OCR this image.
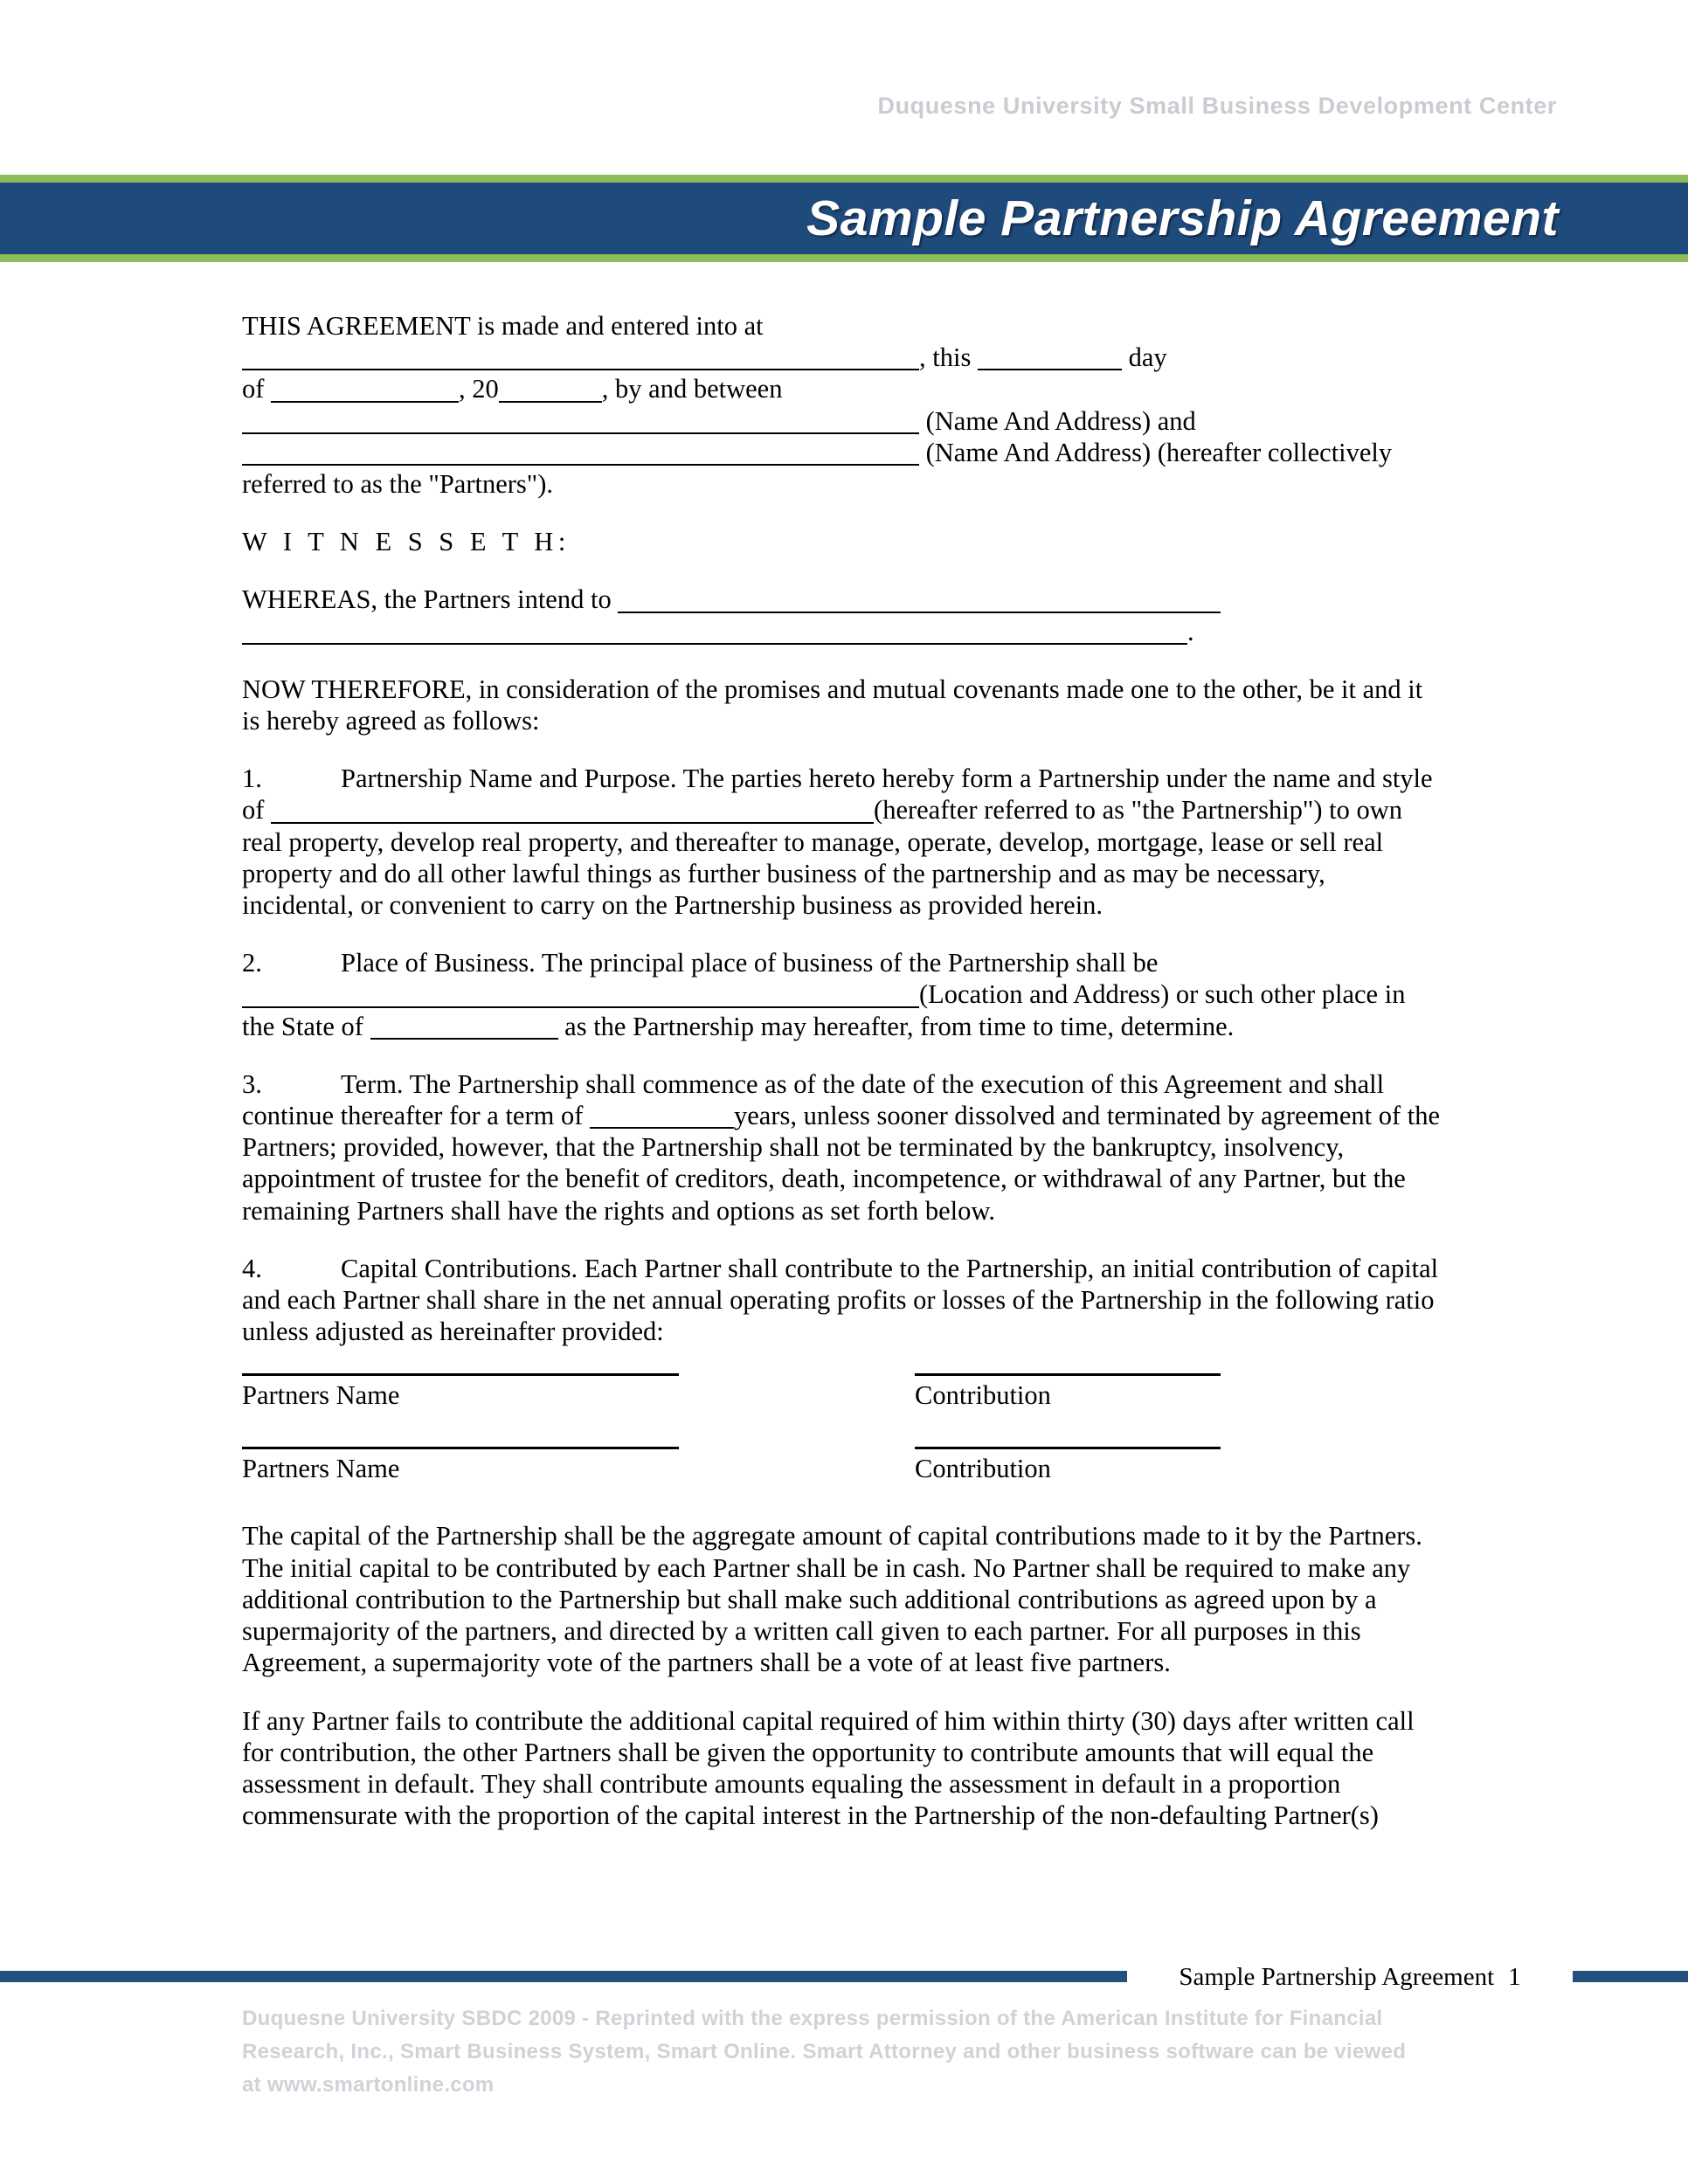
Duquesne University Small Business Development Center
Sample Partnership Agreement

THIS AGREEMENT is made and entered into at , this	day
of	, 20	, by and between
(Name And Address) and
(Name And Address) (hereafter collectively
referred to as the "Partners").

W I T N E S S E T H:

WHEREAS, the Partners intend to
.

NOW THEREFORE, in consideration of the promises and mutual covenants made one to the other, be it and it is hereby agreed as follows:

1.	Partnership Name and Purpose. The parties hereto hereby form a Partnership under the name and style of	(hereafter referred to as "the Partnership") to own real property, develop real property, and thereafter to manage, operate, develop, mortgage, lease or sell real property and do all other lawful things as further business of the partnership and as may be necessary, incidental, or convenient to carry on the Partnership business as provided herein.

2.	Place of Business. The principal place of business of the Partnership shall be
(Location and Address) or such other place in the State of	as the Partnership may hereafter, from time to time, determine.

3.	Term. The Partnership shall commence as of the date of the execution of this Agreement and shall continue thereafter for a term of	years, unless sooner dissolved and terminated by agreement of the Partners; provided, however, that the Partnership shall not be terminated by the bankruptcy, insolvency, appointment of trustee for the benefit of creditors, death, incompetence, or withdrawal of any Partner, but the remaining Partners shall have the rights and options as set forth below.

4.	Capital Contributions. Each Partner shall contribute to the Partnership, an initial contribution of capital and each Partner shall share in the net annual operating profits or losses of the Partnership in the following ratio unless adjusted as hereinafter provided:

Partners Name	Contribution
Partners Name	Contribution

The capital of the Partnership shall be the aggregate amount of capital contributions made to it by the Partners. The initial capital to be contributed by each Partner shall be in cash. No Partner shall be required to make any additional contribution to the Partnership but shall make such additional contributions as agreed upon by a supermajority of the partners, and directed by a written call given to each partner. For all purposes in this Agreement, a supermajority vote of the partners shall be a vote of at least five partners.

If any Partner fails to contribute the additional capital required of him within thirty (30) days after written call for contribution, the other Partners shall be given the opportunity to contribute amounts that will equal the assessment in default. They shall contribute amounts equaling the assessment in default in a proportion commensurate with the proportion of the capital interest in the Partnership of the non-defaulting Partner(s)

Sample Partnership Agreement 1
Duquesne University SBDC 2009 - Reprinted with the express permission of the American Institute for Financial Research, Inc., Smart Business System, Smart Online. Smart Attorney and other business software can be viewed at www.smartonline.com
